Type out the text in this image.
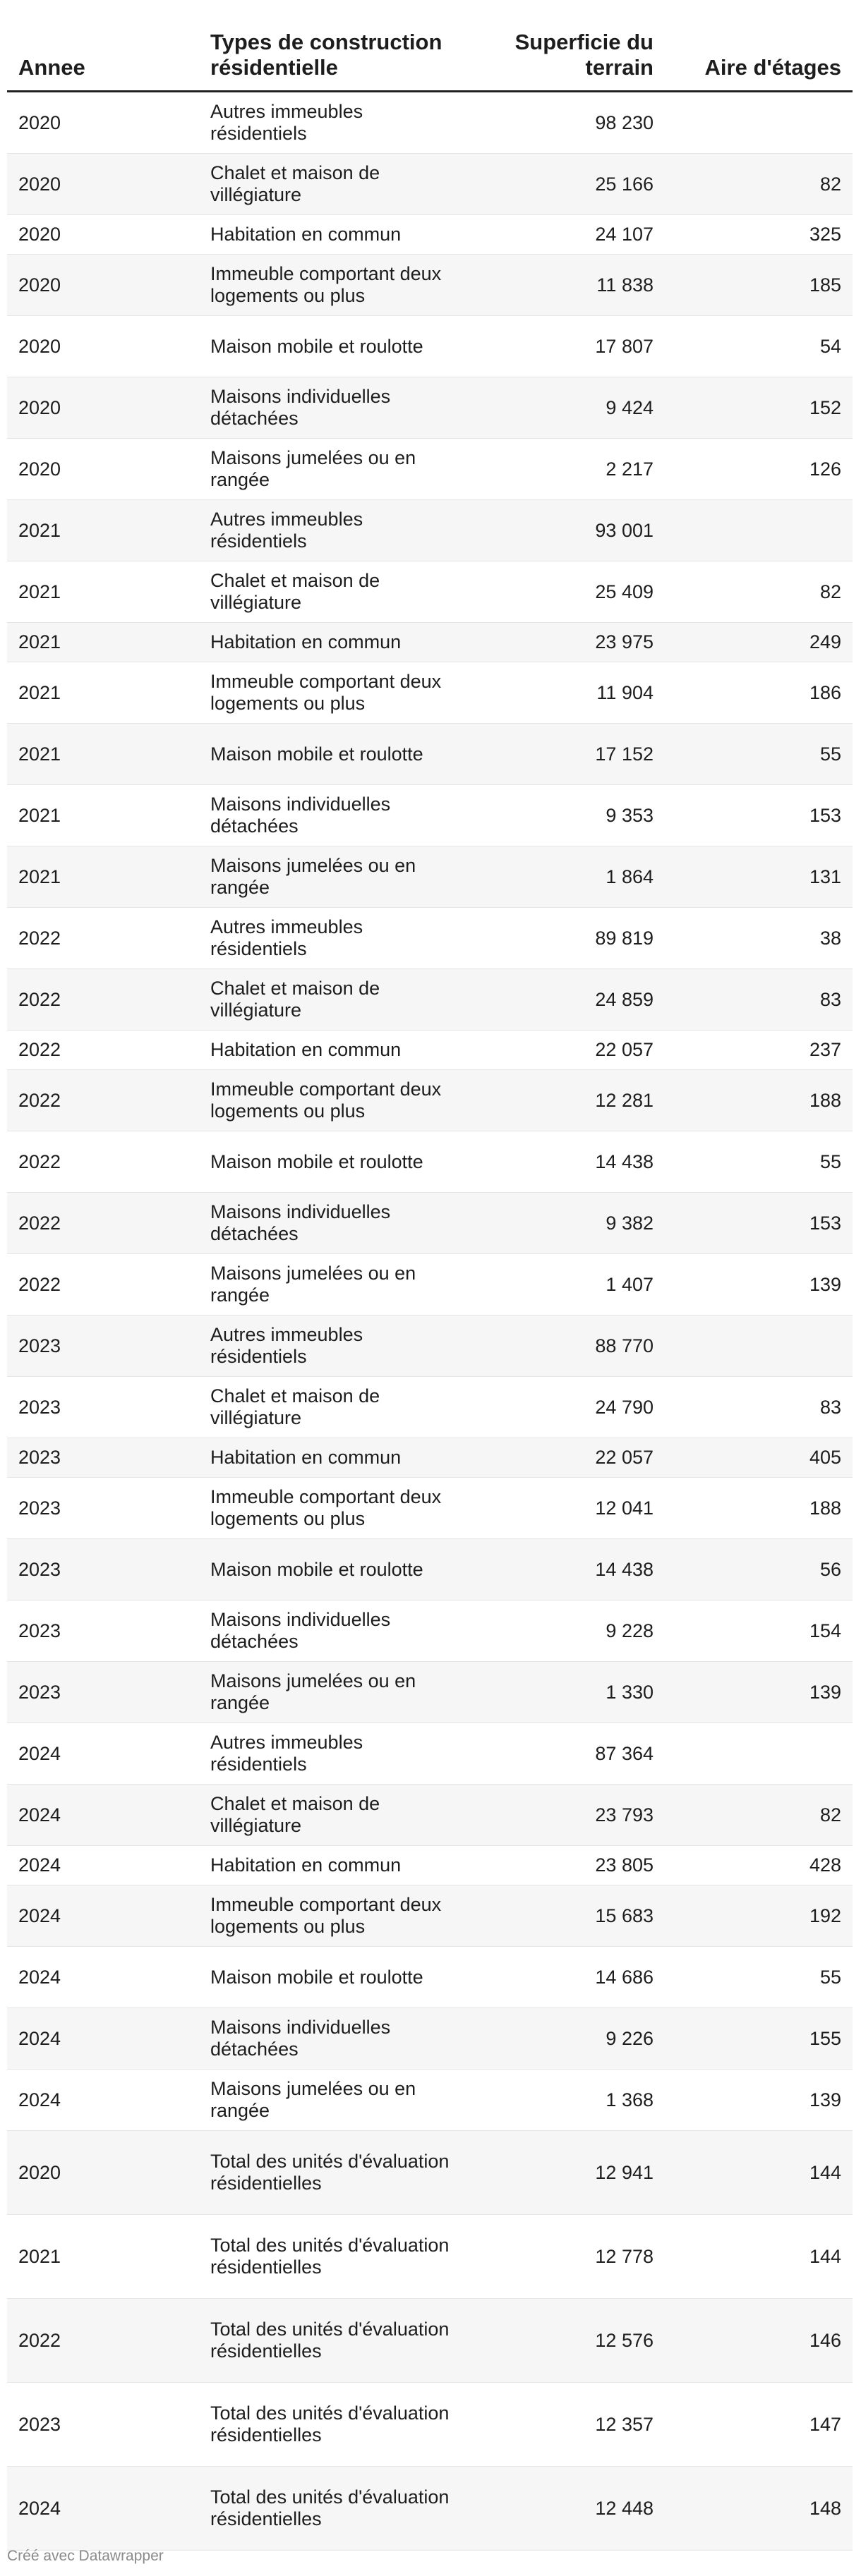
Annee	Types de construction résidentielle	Superficie du terrain	Aire d'étages
2020	Autres immeubles résidentiels	98 230	
2020	Chalet et maison de villégiature	25 166	82
2020	Habitation en commun	24 107	325
2020	Immeuble comportant deux logements ou plus	11 838	185
2020	Maison mobile et roulotte	17 807	54
2020	Maisons individuelles détachées	9 424	152
2020	Maisons jumelées ou en rangée	2 217	126
2021	Autres immeubles résidentiels	93 001	
2021	Chalet et maison de villégiature	25 409	82
2021	Habitation en commun	23 975	249
2021	Immeuble comportant deux logements ou plus	11 904	186
2021	Maison mobile et roulotte	17 152	55
2021	Maisons individuelles détachées	9 353	153
2021	Maisons jumelées ou en rangée	1 864	131
2022	Autres immeubles résidentiels	89 819	38
2022	Chalet et maison de villégiature	24 859	83
2022	Habitation en commun	22 057	237
2022	Immeuble comportant deux logements ou plus	12 281	188
2022	Maison mobile et roulotte	14 438	55
2022	Maisons individuelles détachées	9 382	153
2022	Maisons jumelées ou en rangée	1 407	139
2023	Autres immeubles résidentiels	88 770	
2023	Chalet et maison de villégiature	24 790	83
2023	Habitation en commun	22 057	405
2023	Immeuble comportant deux logements ou plus	12 041	188
2023	Maison mobile et roulotte	14 438	56
2023	Maisons individuelles détachées	9 228	154
2023	Maisons jumelées ou en rangée	1 330	139
2024	Autres immeubles résidentiels	87 364	
2024	Chalet et maison de villégiature	23 793	82
2024	Habitation en commun	23 805	428
2024	Immeuble comportant deux logements ou plus	15 683	192
2024	Maison mobile et roulotte	14 686	55
2024	Maisons individuelles détachées	9 226	155
2024	Maisons jumelées ou en rangée	1 368	139
2020	Total des unités d'évaluation résidentielles	12 941	144
2021	Total des unités d'évaluation résidentielles	12 778	144
2022	Total des unités d'évaluation résidentielles	12 576	146
2023	Total des unités d'évaluation résidentielles	12 357	147
2024	Total des unités d'évaluation résidentielles	12 448	148
Créé avec Datawrapper
